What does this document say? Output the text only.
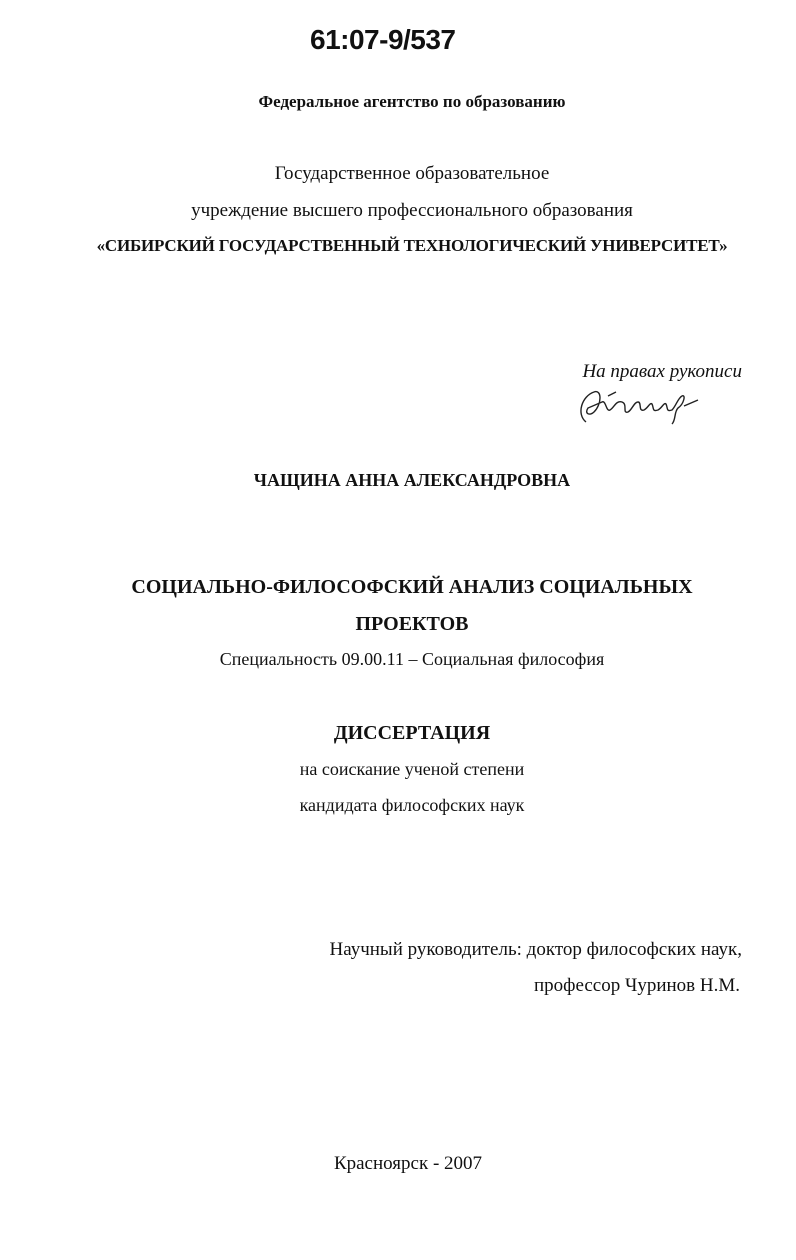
61:07-9/537
Федеральное агентство по образованию
Государственное образовательное
учреждение высшего профессионального образования
«СИБИРСКИЙ ГОСУДАРСТВЕННЫЙ ТЕХНОЛОГИЧЕСКИЙ УНИВЕРСИТЕТ»
На правах рукописи
ЧАЩИНА АННА АЛЕКСАНДРОВНА
СОЦИАЛЬНО-ФИЛОСОФСКИЙ АНАЛИЗ СОЦИАЛЬНЫХ
ПРОЕКТОВ
Специальность 09.00.11 – Социальная философия
ДИССЕРТАЦИЯ
на соискание ученой степени
кандидата философских наук
Научный руководитель: доктор философских наук,
профессор Чуринов Н.М.
Красноярск - 2007
